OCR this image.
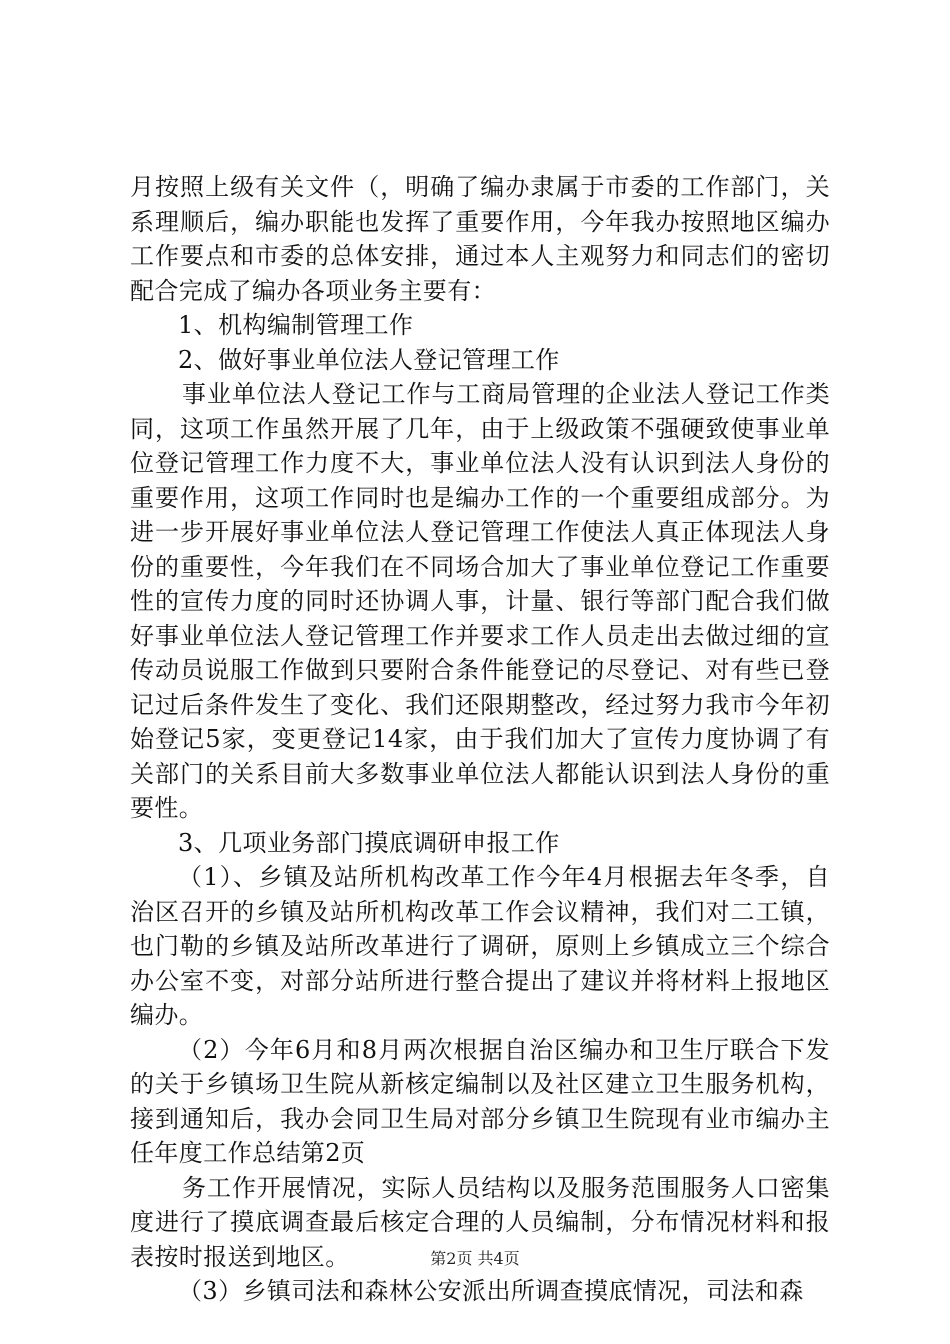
月按照上级有关文件（，明确了编办隶属于市委的工作部门，关系理顺后，编办职能也发挥了重要作用，今年我办按照地区编办工作要点和市委的总体安排，通过本人主观努力和同志们的密切配合完成了编办各项业务主要有：

1、机构编制管理工作

2、做好事业单位法人登记管理工作

事业单位法人登记工作与工商局管理的企业法人登记工作类同，这项工作虽然开展了几年，由于上级政策不强硬致使事业单位登记管理工作力度不大，事业单位法人没有认识到法人身份的重要作用，这项工作同时也是编办工作的一个重要组成部分。为进一步开展好事业单位法人登记管理工作使法人真正体现法人身份的重要性，今年我们在不同场合加大了事业单位登记工作重要性的宣传力度的同时还协调人事，计量、银行等部门配合我们做好事业单位法人登记管理工作并要求工作人员走出去做过细的宣传动员说服工作做到只要附合条件能登记的尽登记、对有些已登记过后条件发生了变化、我们还限期整改，经过努力我市今年初始登记5家，变更登记14家，由于我们加大了宣传力度协调了有关部门的关系目前大多数事业单位法人都能认识到法人身份的重要性。

3、几项业务部门摸底调研申报工作

（1）、乡镇及站所机构改革工作今年4月根据去年冬季，自治区召开的乡镇及站所机构改革工作会议精神，我们对二工镇，也门勒的乡镇及站所改革进行了调研，原则上乡镇成立三个综合办公室不变，对部分站所进行整合提出了建议并将材料上报地区编办。

（2）今年6月和8月两次根据自治区编办和卫生厅联合下发的关于乡镇场卫生院从新核定编制以及社区建立卫生服务机构，接到通知后，我办会同卫生局对部分乡镇卫生院现有业市编办主任年度工作总结第2页

务工作开展情况，实际人员结构以及服务范围服务人口密集度进行了摸底调查最后核定合理的人员编制，分布情况材料和报表按时报送到地区。

（3）乡镇司法和森林公安派出所调查摸底情况，司法和森

第2页 共4页
